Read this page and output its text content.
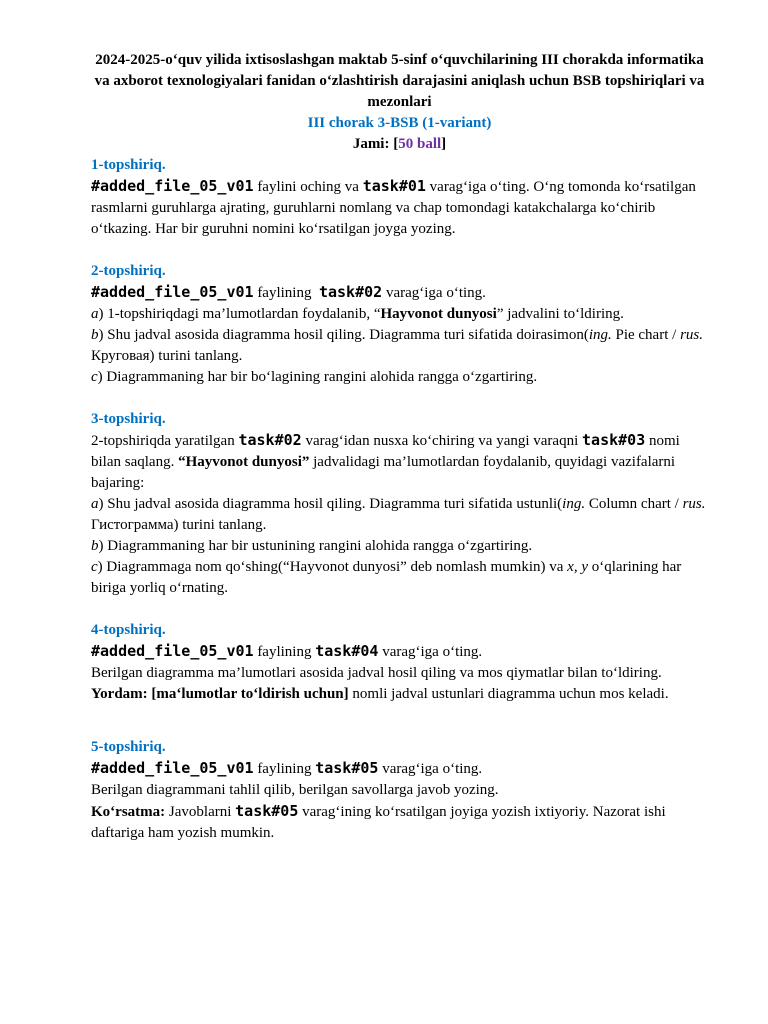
2024-2025-o‘quv yilida ixtisoslashgan maktab 5-sinf o‘quvchilarining III chorakda informatika va axborot texnologiyalari fanidan o‘zlashtirish darajasini aniqlash uchun BSB topshiriqlari va mezonlari
III chorak 3-BSB (1-variant)
Jami: [50 ball]
1-topshiriq.
#added_file_05_v01 faylini oching va task#01 varag‘iga o‘ting. O‘ng tomonda ko‘rsatilgan rasmlarni guruhlarga ajrating, guruhlarni nomlang va chap tomondagi katakchalarga ko‘chirib o‘tkazing. Har bir guruhni nomini ko‘rsatilgan joyga yozing.
2-topshiriq.
#added_file_05_v01 faylining  task#02 varag‘iga o‘ting.
a) 1-topshiriqdagi ma’lumotlardan foydalanib, “Hayvonot dunyosi” jadvalini to‘ldiring.
b) Shu jadval asosida diagramma hosil qiling. Diagramma turi sifatida doirasimon(ing. Pie chart / rus. Круговая) turini tanlang.
c) Diagrammaning har bir bo‘lagining rangini alohida rangga o‘zgartiring.
3-topshiriq.
2-topshiriqda yaratilgan task#02 varag‘idan nusxa ko‘chiring va yangi varaqni task#03 nomi bilan saqlang. “Hayvonot dunyosi” jadvalidagi ma’lumotlardan foydalanib, quyidagi vazifalarni bajaring:
a) Shu jadval asosida diagramma hosil qiling. Diagramma turi sifatida ustunli(ing. Column chart / rus. Гистограмма) turini tanlang.
b) Diagrammaning har bir ustunining rangini alohida rangga o‘zgartiring.
c) Diagrammaga nom qo‘shing(“Hayvonot dunyosi” deb nomlash mumkin) va x, y o‘qlarining har biriga yorliq o‘rnating.
4-topshiriq.
#added_file_05_v01 faylining task#04 varag‘iga o‘ting.
Berilgan diagramma ma’lumotlari asosida jadval hosil qiling va mos qiymatlar bilan to‘ldiring.
Yordam: [ma‘lumotlar to‘ldirish uchun] nomli jadval ustunlari diagramma uchun mos keladi.
5-topshiriq.
#added_file_05_v01 faylining task#05 varag‘iga o‘ting.
Berilgan diagrammani tahlil qilib, berilgan savollarga javob yozing.
Ko‘rsatma: Javoblarni task#05 varag‘ining ko‘rsatilgan joyiga yozish ixtiyoriy. Nazorat ishi daftariga ham yozish mumkin.
